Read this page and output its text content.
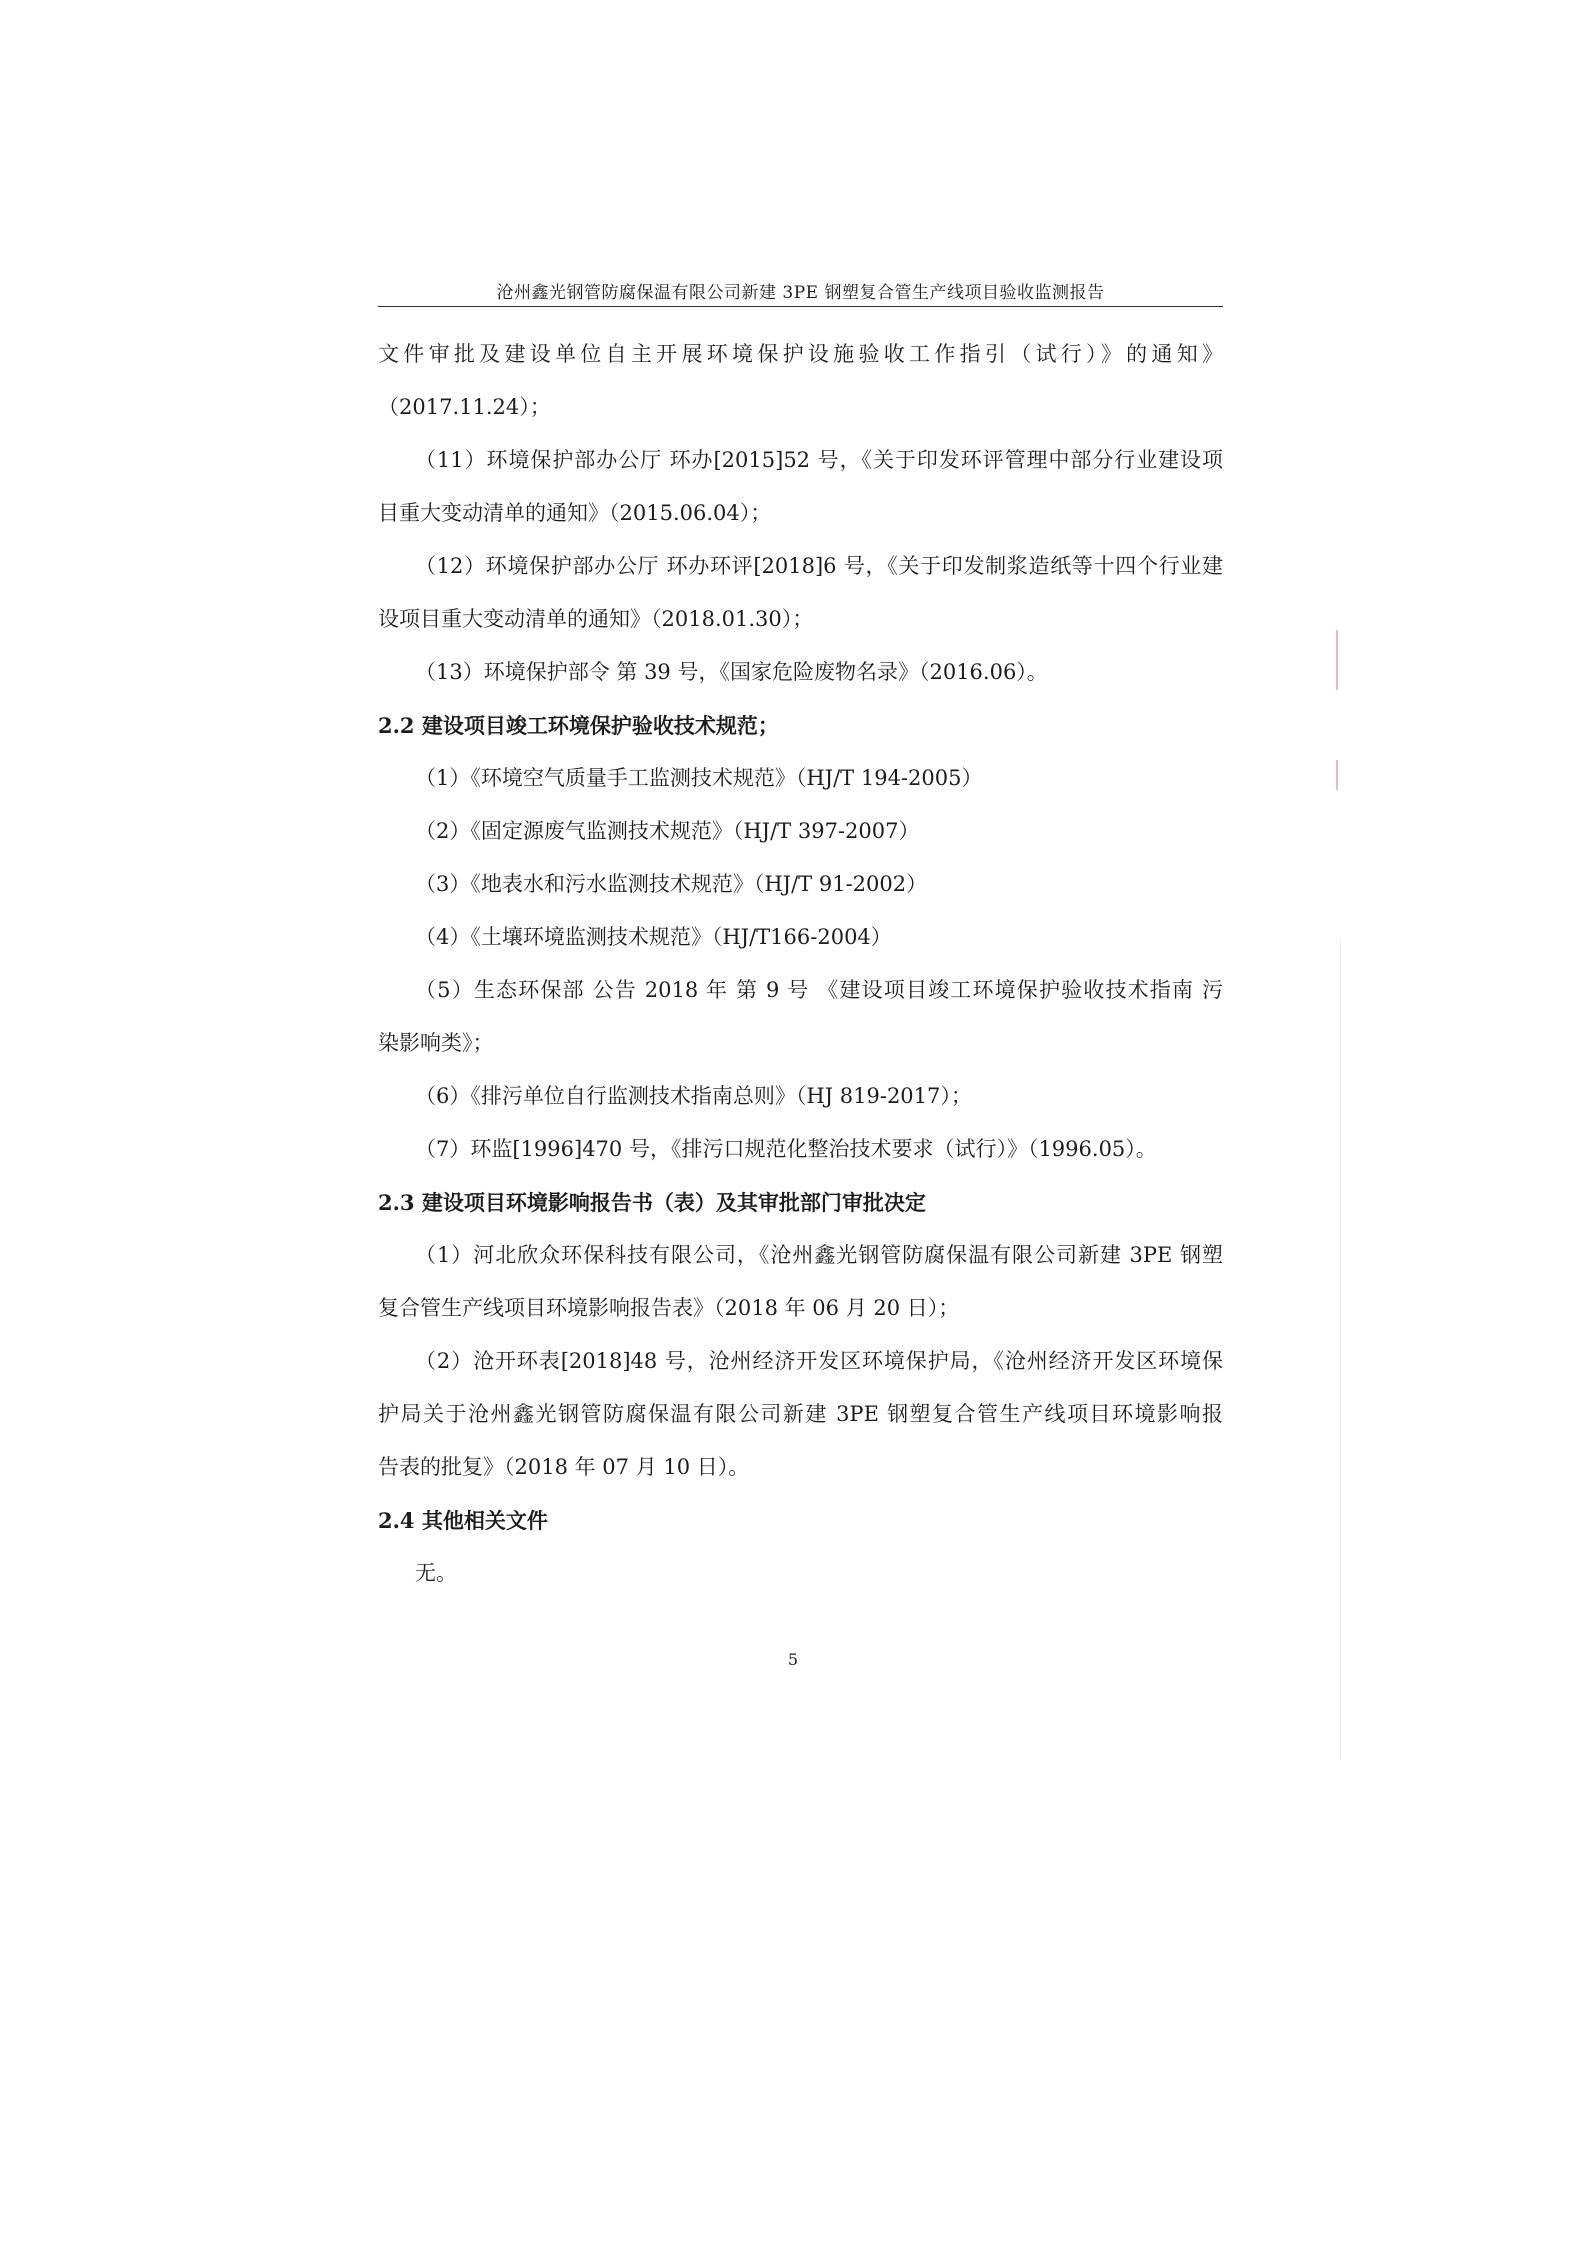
沧州鑫光钢管防腐保温有限公司新建 3PE 钢塑复合管生产线项目验收监测报告
文件审批及建设单位自主开展环境保护设施验收工作指引（试行）》的通知》
（2017.11.24）；
（11）环境保护部办公厅 环办[2015]52 号，《关于印发环评管理中部分行业建设项
目重大变动清单的通知》（2015.06.04）；
（12）环境保护部办公厅 环办环评[2018]6 号，《关于印发制浆造纸等十四个行业建
设项目重大变动清单的通知》（2018.01.30）；
（13）环境保护部令 第 39 号，《国家危险废物名录》（2016.06）。
2.2 建设项目竣工环境保护验收技术规范；
（1）《环境空气质量手工监测技术规范》（HJ/T 194-2005）
（2）《固定源废气监测技术规范》（HJ/T 397-2007）
（3）《地表水和污水监测技术规范》（HJ/T 91-2002）
（4）《土壤环境监测技术规范》（HJ/T166-2004）
（5）生态环保部 公告 2018 年 第 9 号 《建设项目竣工环境保护验收技术指南 污
染影响类》；
（6）《排污单位自行监测技术指南总则》（HJ 819-2017）；
（7）环监[1996]470 号，《排污口规范化整治技术要求（试行）》（1996.05）。
2.3 建设项目环境影响报告书（表）及其审批部门审批决定
（1）河北欣众环保科技有限公司，《沧州鑫光钢管防腐保温有限公司新建 3PE 钢塑
复合管生产线项目环境影响报告表》（2018 年 06 月 20 日）；
（2）沧开环表[2018]48 号，沧州经济开发区环境保护局，《沧州经济开发区环境保
护局关于沧州鑫光钢管防腐保温有限公司新建 3PE 钢塑复合管生产线项目环境影响报
告表的批复》（2018 年 07 月 10 日）。
2.4 其他相关文件
无。
5
